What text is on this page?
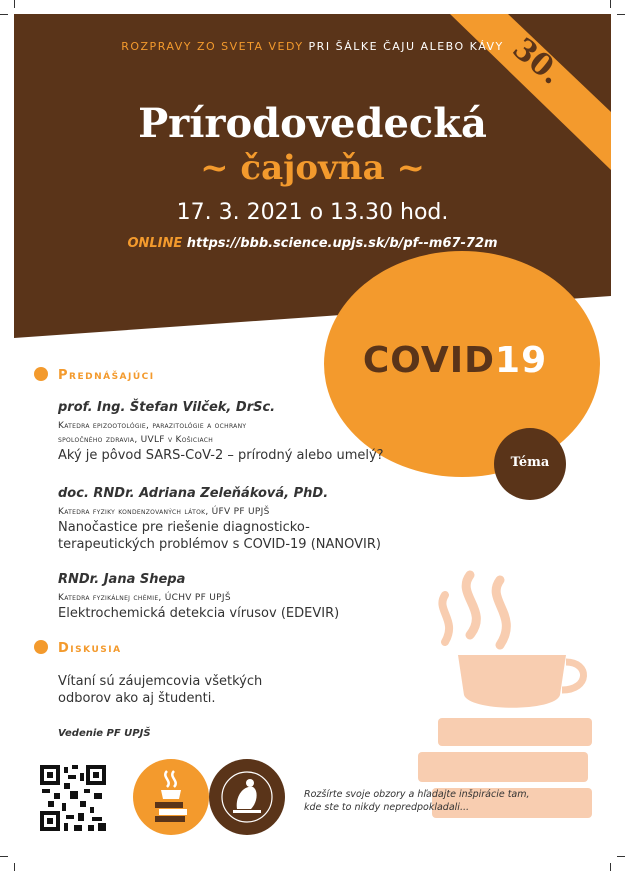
ROZPRAVY ZO SVETA VEDY PRI ŠÁLKE ČAJU ALEBO KÁVY 30.
Prírodovedecká
~ čajovňa ~
17. 3. 2021 o 13.30 hod.
ONLINE https://bbb.science.upjs.sk/b/pf--m67-72m
COVID19
Téma
Prednášajúci
prof. Ing. Štefan Vilček, DrSc.
Katedra epizootológie, parazitológie a ochrany
spoločného zdravia, UVLF v Košiciach
Aký je pôvod SARS-CoV-2 – prírodný alebo umelý?
doc. RNDr. Adriana Zeleňáková, PhD.
Katedra fyziky kondenzovaných látok, ÚFV PF UPJŠ
Nanočastice pre riešenie diagnosticko-
terapeutických problémov s COVID-19 (NANOVIR)
RNDr. Jana Shepa
Katedra fyzikálnej chémie, ÚCHV PF UPJŠ
Elektrochemická detekcia vírusov (EDEVIR)
Diskusia
Vítaní sú záujemcovia všetkých
odborov ako aj študenti.
Vedenie PF UPJŠ
Rozšírte svoje obzory a hľadajte inšpirácie tam,
kde ste to nikdy nepredpokladali...
